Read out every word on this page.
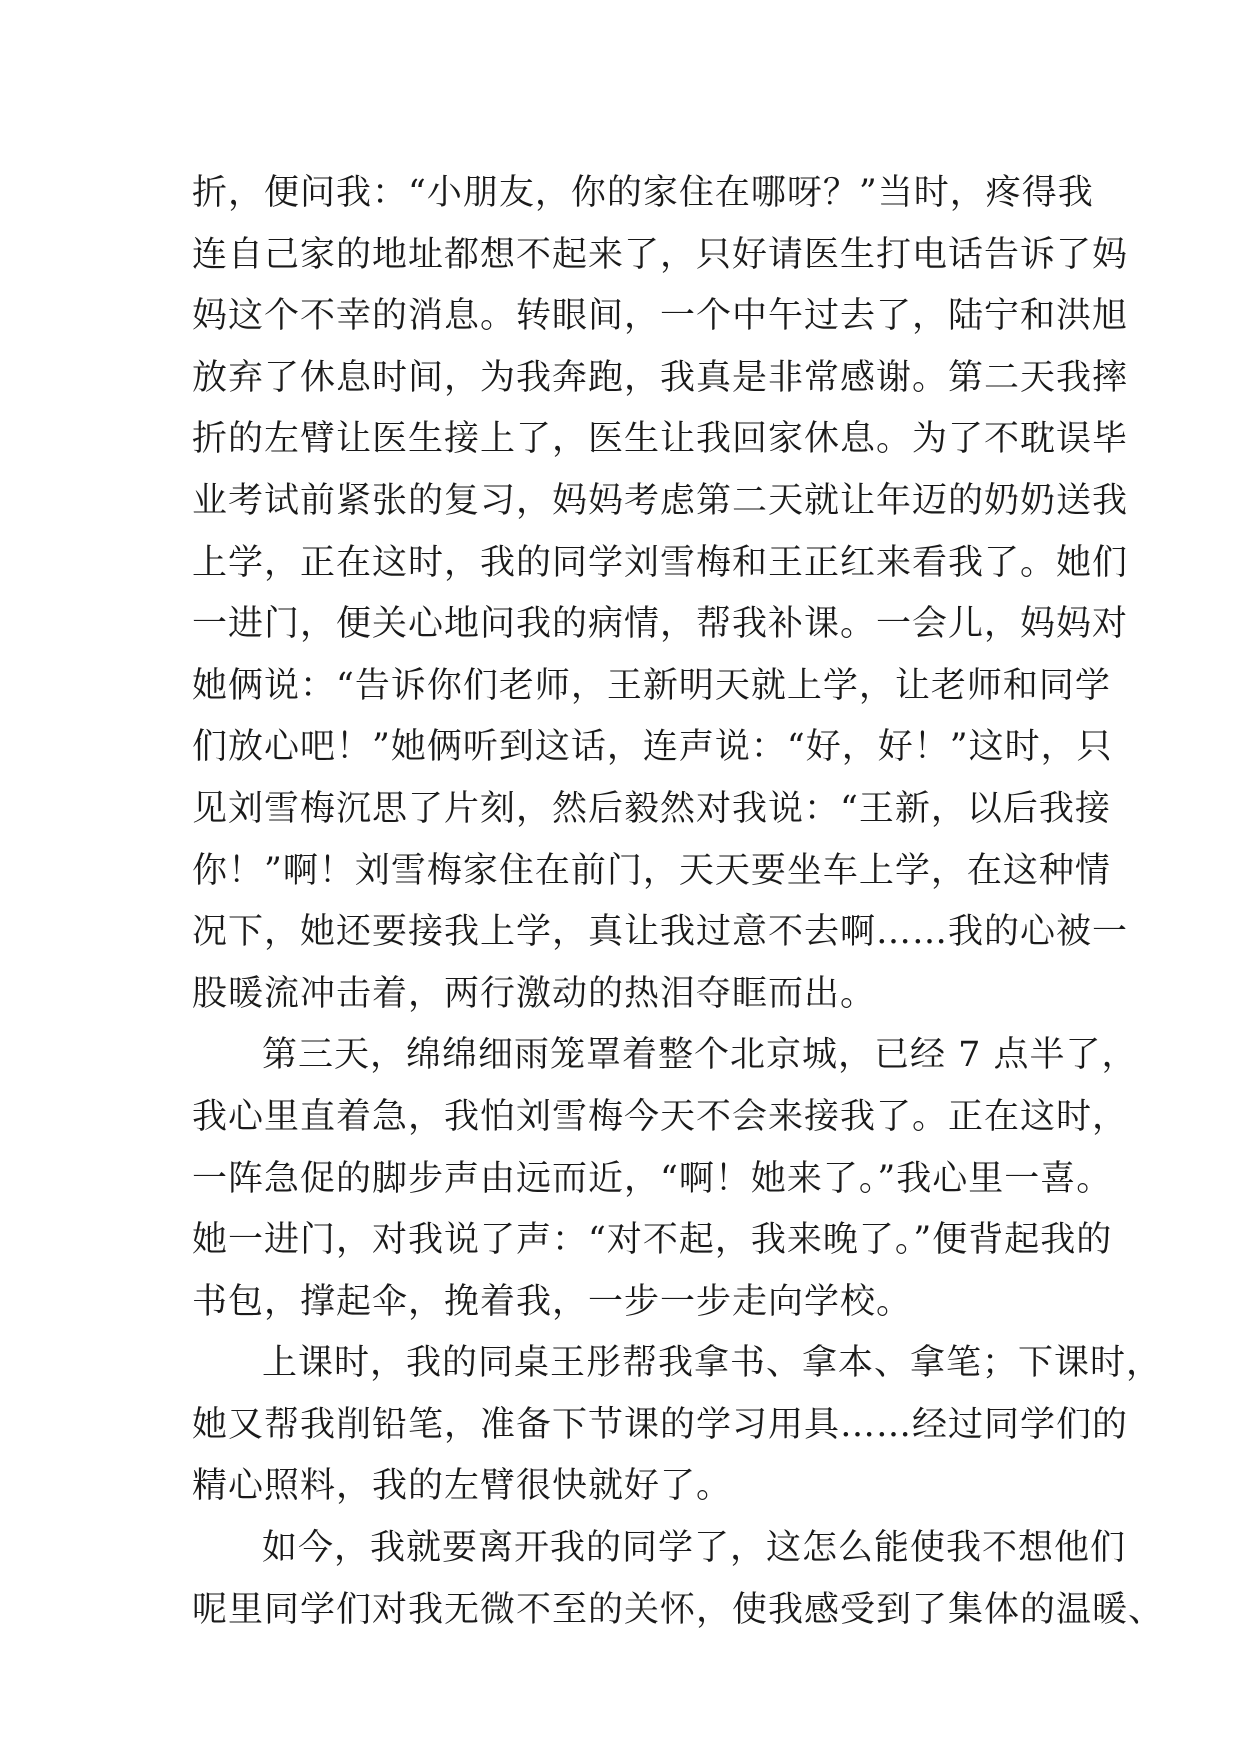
折，便问我：“小朋友，你的家住在哪呀？”当时，疼得我
连自己家的地址都想不起来了，只好请医生打电话告诉了妈
妈这个不幸的消息。转眼间，一个中午过去了，陆宁和洪旭
放弃了休息时间，为我奔跑，我真是非常感谢。第二天我摔
折的左臂让医生接上了，医生让我回家休息。为了不耽误毕
业考试前紧张的复习，妈妈考虑第二天就让年迈的奶奶送我
上学，正在这时，我的同学刘雪梅和王正红来看我了。她们
一进门，便关心地问我的病情，帮我补课。一会儿，妈妈对
她俩说：“告诉你们老师，王新明天就上学，让老师和同学
们放心吧！”她俩听到这话，连声说：“好，好！”这时，只
见刘雪梅沉思了片刻，然后毅然对我说：“王新，以后我接
你！”啊！刘雪梅家住在前门，天天要坐车上学，在这种情
况下，她还要接我上学，真让我过意不去啊……我的心被一
股暖流冲击着，两行激动的热泪夺眶而出。
第三天，绵绵细雨笼罩着整个北京城，已经 7 点半了，
我心里直着急，我怕刘雪梅今天不会来接我了。正在这时，
一阵急促的脚步声由远而近，“啊！她来了。”我心里一喜。
她一进门，对我说了声：“对不起，我来晚了。”便背起我的
书包，撑起伞，挽着我，一步一步走向学校。
上课时，我的同桌王彤帮我拿书、拿本、拿笔；下课时，
她又帮我削铅笔，准备下节课的学习用具……经过同学们的
精心照料，我的左臂很快就好了。
如今，我就要离开我的同学了，这怎么能使我不想他们
呢里同学们对我无微不至的关怀，使我感受到了集体的温暖、
